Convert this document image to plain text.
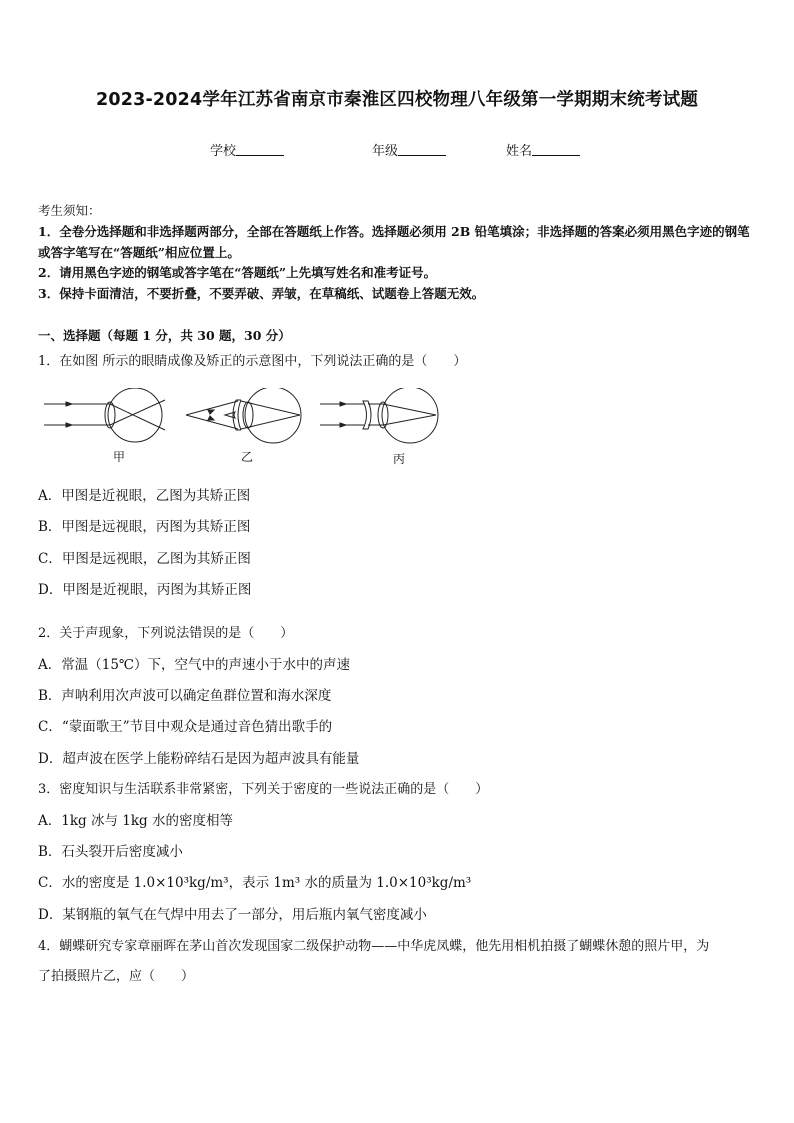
2023-2024学年江苏省南京市秦淮区四校物理八年级第一学期期末统考试题
学校	年级	姓名
考生须知：
1．全卷分选择题和非选择题两部分，全部在答题纸上作答。选择题必须用 2B 铅笔填涂；非选择题的答案必须用黑色字迹的钢笔或答字笔写在“答题纸”相应位置上。
2．请用黑色字迹的钢笔或答字笔在“答题纸”上先填写姓名和准考证号。
3．保持卡面清洁，不要折叠，不要弄破、弄皱，在草稿纸、试题卷上答题无效。
一、选择题（每题 1 分，共 30 题，30 分）
1．在如图 所示的眼睛成像及矫正的示意图中，下列说法正确的是（　　）
甲	乙	丙
A．甲图是近视眼，乙图为其矫正图
B．甲图是远视眼，丙图为其矫正图
C．甲图是远视眼，乙图为其矫正图
D．甲图是近视眼，丙图为其矫正图
2．关于声现象，下列说法错误的是（　　）
A．常温（15℃）下，空气中的声速小于水中的声速
B．声呐利用次声波可以确定鱼群位置和海水深度
C．“蒙面歌王”节目中观众是通过音色猜出歌手的
D．超声波在医学上能粉碎结石是因为超声波具有能量
3．密度知识与生活联系非常紧密，下列关于密度的一些说法正确的是（　　）
A．1kg 冰与 1kg 水的密度相等
B．石头裂开后密度减小
C．水的密度是 1.0×10³kg/m³，表示 1m³ 水的质量为 1.0×10³kg/m³
D．某钢瓶的氧气在气焊中用去了一部分，用后瓶内氧气密度减小
4．蝴蝶研究专家章丽晖在茅山首次发现国家二级保护动物——中华虎凤蝶，他先用相机拍摄了蝴蝶休憩的照片甲，为
了拍摄照片乙，应（　　）
